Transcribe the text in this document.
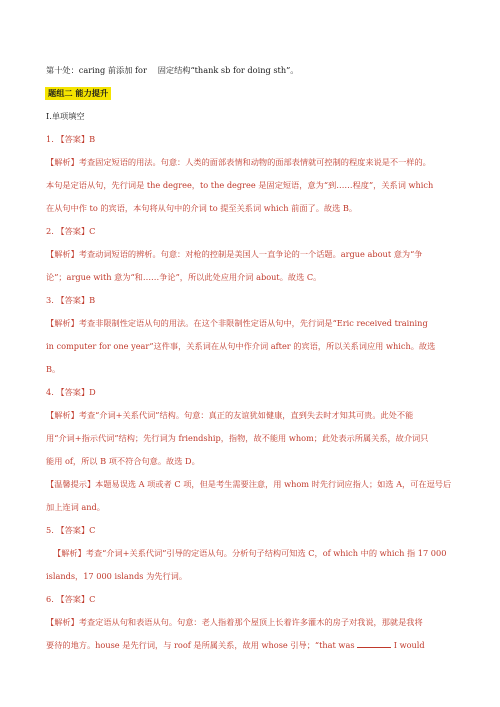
第十处：caring 前添加 for　 固定结构“thank sb for doing sth”。
题组二 能力提升
Ⅰ.单项填空
1. 【答案】B
【解析】考查固定短语的用法。句意：人类的面部表情和动物的面部表情就可控制的程度来说是不一样的。
本句是定语从句，先行词是 the degree，to the degree 是固定短语，意为“到……程度”，关系词 which
在从句中作 to 的宾语，本句将从句中的介词 to 提至关系词 which 前面了。故选 B。
2. 【答案】C
【解析】考查动词短语的辨析。句意：对枪的控制是美国人一直争论的一个话题。argue about 意为“争
论”；argue with 意为“和……争论”，所以此处应用介词 about。故选 C。
3. 【答案】B
【解析】考查非限制性定语从句的用法。在这个非限制性定语从句中，先行词是“Eric received training
in computer for one year”这件事，关系词在从句中作介词 after 的宾语，所以关系词应用 which。故选
B。
4. 【答案】D
【解析】考查“介词+关系代词”结构。句意：真正的友谊犹如健康，直到失去时才知其可贵。此处不能
用“介词+指示代词”结构；先行词为 friendship，指物，故不能用 whom；此处表示所属关系，故介词只
能用 of，所以 B 项不符合句意。故选 D。
【温馨提示】本题易误选 A 项或者 C 项，但是考生需要注意，用 whom 时先行词应指人；如选 A，可在逗号后
加上连词 and。
5. 【答案】C
【解析】考查“介词+关系代词”引导的定语从句。分析句子结构可知选 C，of which 中的 which 指 17 000
islands，17 000 islands 为先行词。
6. 【答案】C
【解析】考查定语从句和表语从句。句意：老人指着那个屋顶上长着许多灌木的房子对我说，那就是我将
要待的地方。house 是先行词，与 roof 是所属关系，故用 whose 引导；“that was	I would
